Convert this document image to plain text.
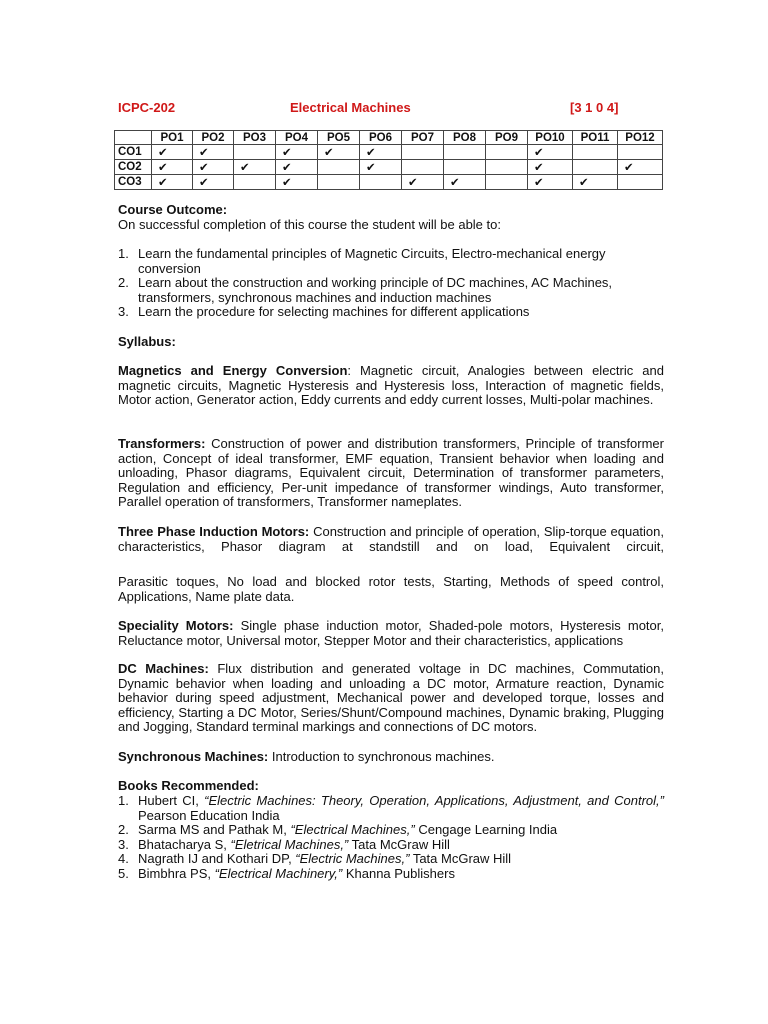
ICPC-202	Electrical Machines	[3 1 0 4]
	PO1	PO2	PO3	PO4	PO5	PO6	PO7	PO8	PO9	PO10	PO11	PO12
CO1	✔	✔		✔	✔	✔				✔		
CO2	✔	✔	✔	✔		✔				✔		✔
CO3	✔	✔		✔			✔	✔		✔	✔	
Course Outcome:
On successful completion of this course the student will be able to:
1. Learn the fundamental principles of Magnetic Circuits, Electro-mechanical energy conversion
2. Learn about the construction and working principle of DC machines, AC Machines, transformers, synchronous machines and induction machines
3. Learn the procedure for selecting machines for different applications
Syllabus:
Magnetics and Energy Conversion: Magnetic circuit, Analogies between electric and magnetic circuits, Magnetic Hysteresis and Hysteresis loss, Interaction of magnetic fields, Motor action, Generator action, Eddy currents and eddy current losses, Multi-polar machines.
Transformers: Construction of power and distribution transformers, Principle of transformer action, Concept of ideal transformer, EMF equation, Transient behavior when loading and unloading, Phasor diagrams, Equivalent circuit, Determination of transformer parameters, Regulation and efficiency, Per-unit impedance of transformer windings, Auto transformer, Parallel operation of transformers, Transformer nameplates.
Three Phase Induction Motors: Construction and principle of operation, Slip-torque equation, characteristics, Phasor diagram at standstill and on load, Equivalent circuit,
Parasitic toques, No load and blocked rotor tests, Starting, Methods of speed control, Applications, Name plate data.
Speciality Motors: Single phase induction motor, Shaded-pole motors, Hysteresis motor, Reluctance motor, Universal motor, Stepper Motor and their characteristics, applications
DC Machines: Flux distribution and generated voltage in DC machines, Commutation, Dynamic behavior when loading and unloading a DC motor, Armature reaction, Dynamic behavior during speed adjustment, Mechanical power and developed torque, losses and efficiency, Starting a DC Motor, Series/Shunt/Compound machines, Dynamic braking, Plugging and Jogging, Standard terminal markings and connections of DC motors.
Synchronous Machines: Introduction to synchronous machines.
Books Recommended:
1. Hubert CI, “Electric Machines: Theory, Operation, Applications, Adjustment, and Control,” Pearson Education India
2. Sarma MS and Pathak M, “Electrical Machines,” Cengage Learning India
3. Bhatacharya S, “Eletrical Machines,” Tata McGraw Hill
4. Nagrath IJ and Kothari DP, “Electric Machines,” Tata McGraw Hill
5. Bimbhra PS, “Electrical Machinery,” Khanna Publishers
